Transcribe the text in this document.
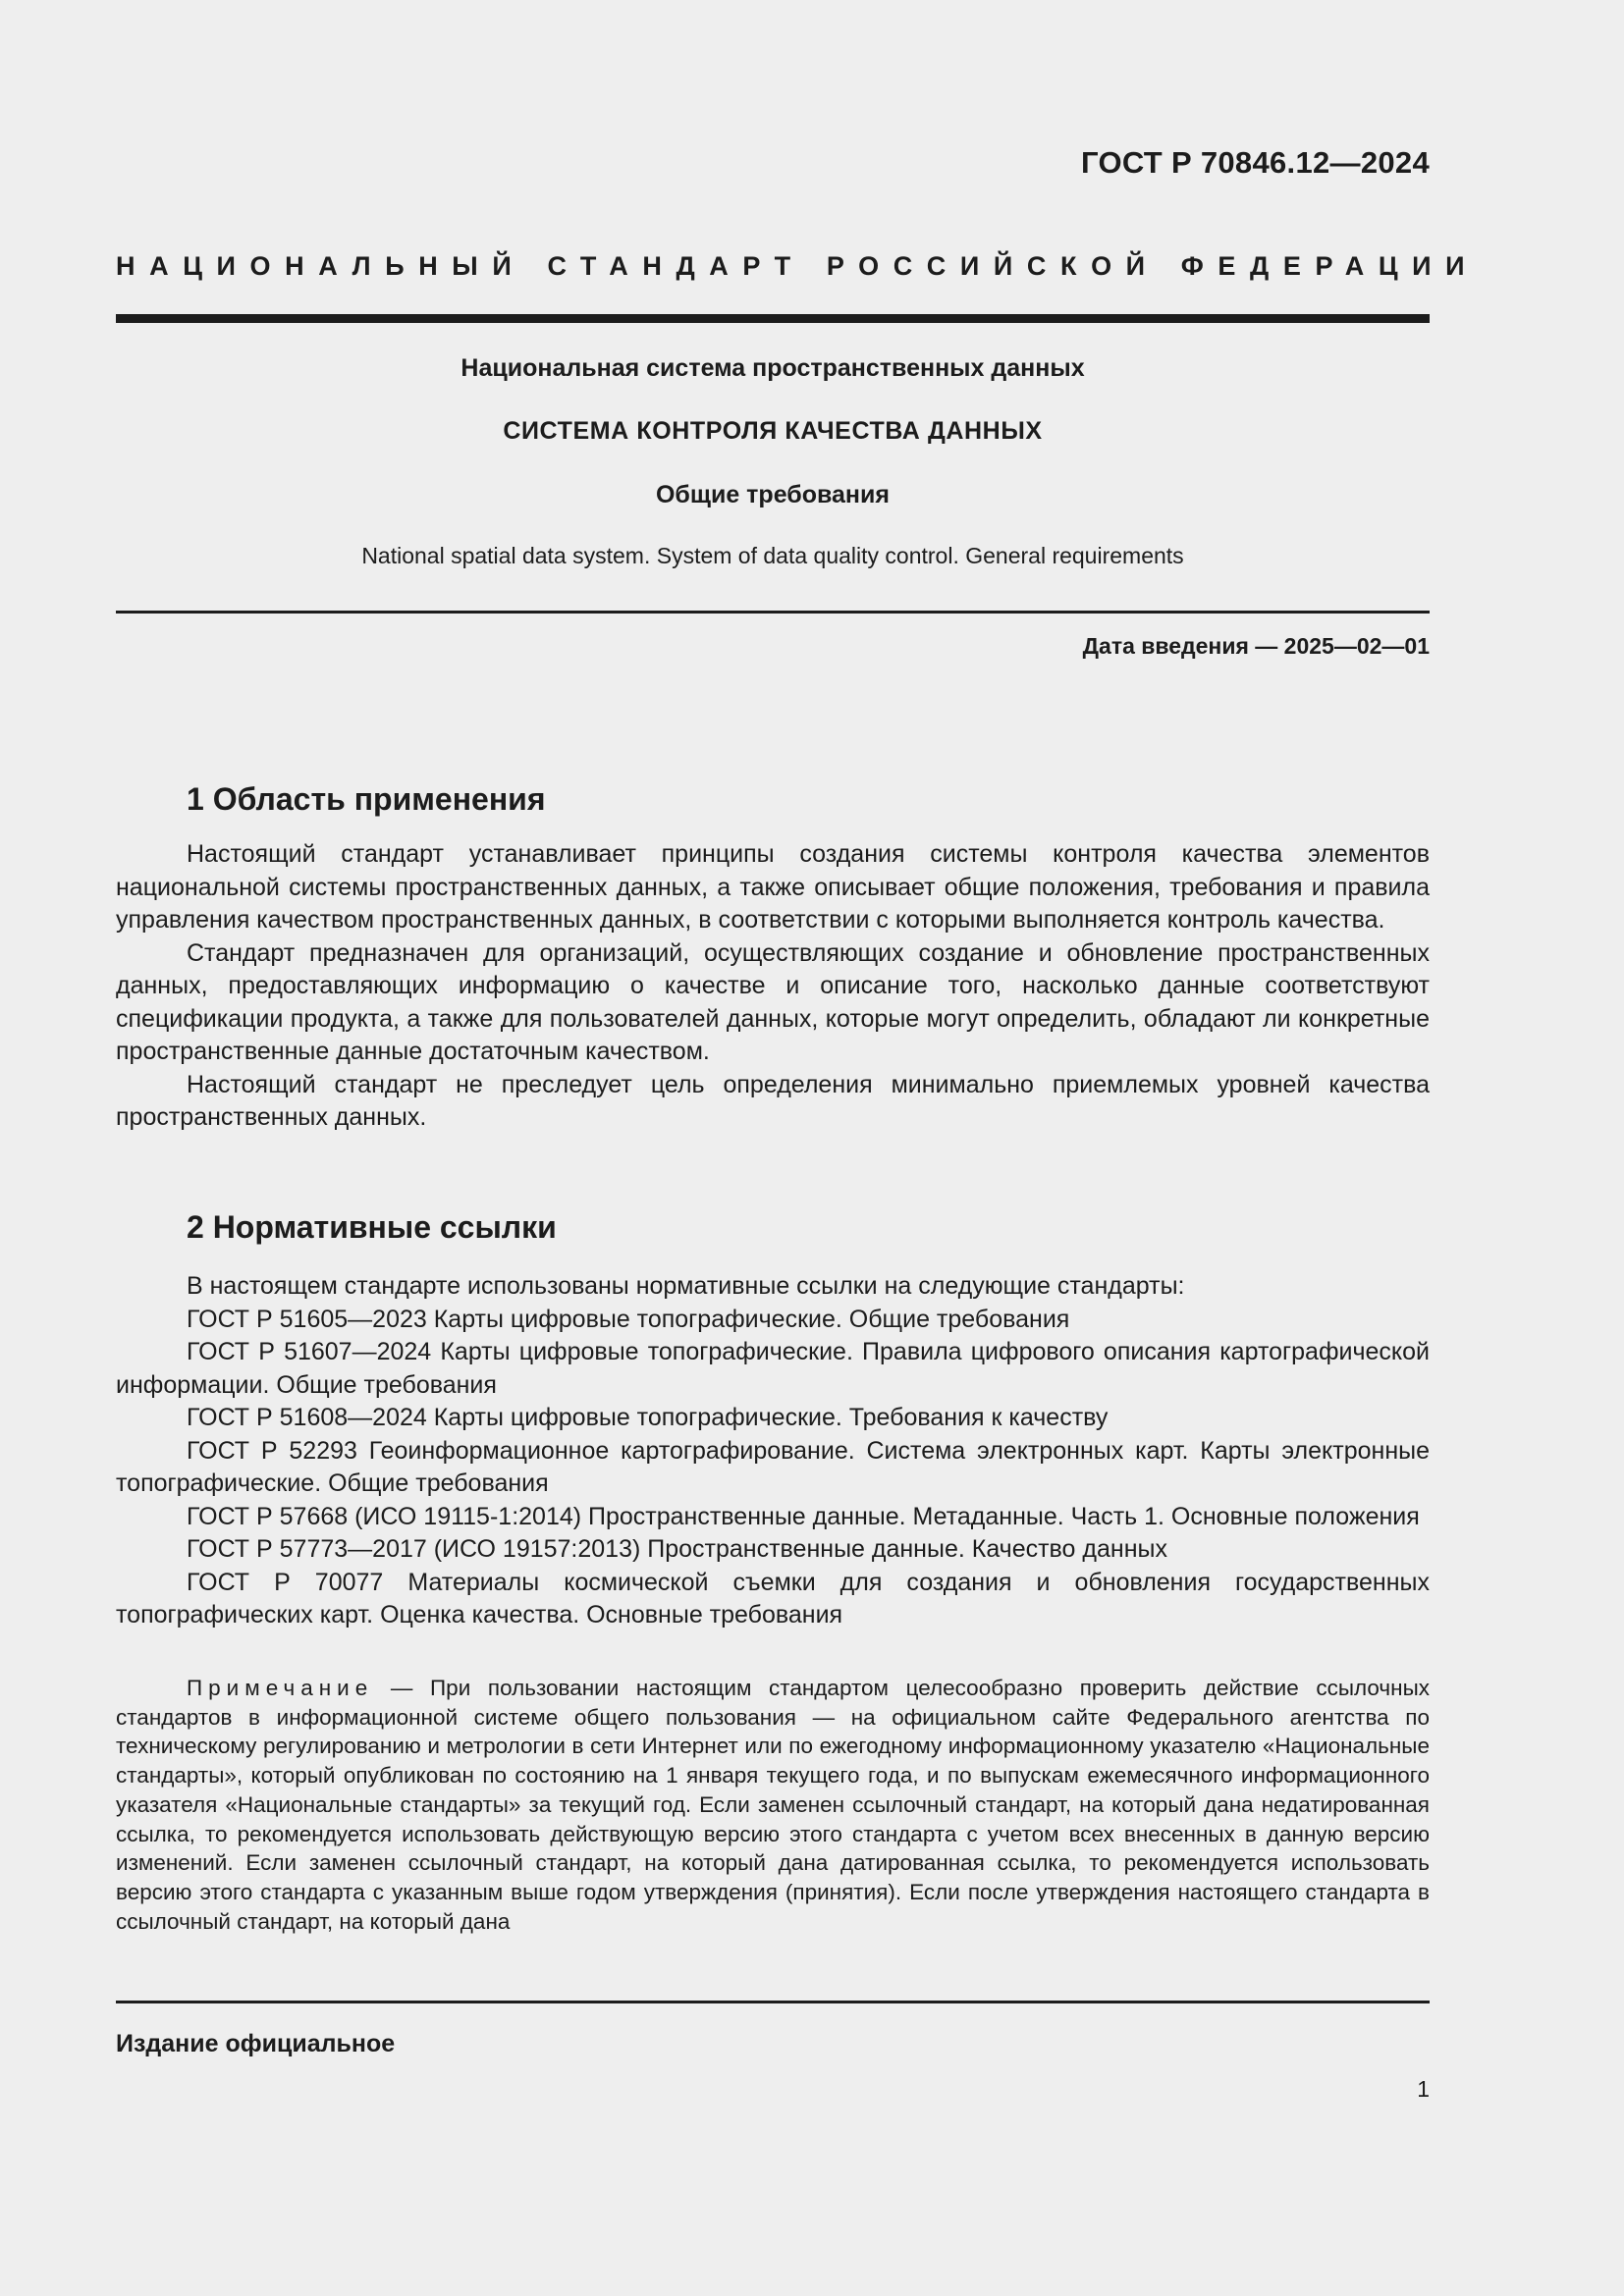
ГОСТ Р 70846.12—2024
НАЦИОНАЛЬНЫЙ СТАНДАРТ РОССИЙСКОЙ ФЕДЕРАЦИИ
Национальная система пространственных данных
СИСТЕМА КОНТРОЛЯ КАЧЕСТВА ДАННЫХ
Общие требования
National spatial data system. System of data quality control. General requirements
Дата введения — 2025—02—01
1 Область применения

Настоящий стандарт устанавливает принципы создания системы контроля качества элементов национальной системы пространственных данных, а также описывает общие положения, требования и правила управления качеством пространственных данных, в соответствии с которыми выполняется контроль качества.

Стандарт предназначен для организаций, осуществляющих создание и обновление пространственных данных, предоставляющих информацию о качестве и описание того, насколько данные соответствуют спецификации продукта, а также для пользователей данных, которые могут определить, обладают ли конкретные пространственные данные достаточным качеством.

Настоящий стандарт не преследует цель определения минимально приемлемых уровней качества пространственных данных.

2 Нормативные ссылки

В настоящем стандарте использованы нормативные ссылки на следующие стандарты:

ГОСТ Р 51605—2023 Карты цифровые топографические. Общие требования

ГОСТ Р 51607—2024 Карты цифровые топографические. Правила цифрового описания картографической информации. Общие требования

ГОСТ Р 51608—2024 Карты цифровые топографические. Требования к качеству

ГОСТ Р 52293 Геоинформационное картографирование. Система электронных карт. Карты электронные топографические. Общие требования

ГОСТ Р 57668 (ИСО 19115-1:2014) Пространственные данные. Метаданные. Часть 1. Основные положения

ГОСТ Р 57773—2017 (ИСО 19157:2013) Пространственные данные. Качество данных

ГОСТ Р 70077 Материалы космической съемки для создания и обновления государственных топографических карт. Оценка качества. Основные требования

Примечание — При пользовании настоящим стандартом целесообразно проверить действие ссылочных стандартов в информационной системе общего пользования — на официальном сайте Федерального агентства по техническому регулированию и метрологии в сети Интернет или по ежегодному информационному указателю «Национальные стандарты», который опубликован по состоянию на 1 января текущего года, и по выпускам ежемесячного информационного указателя «Национальные стандарты» за текущий год. Если заменен ссылочный стандарт, на который дана недатированная ссылка, то рекомендуется использовать действующую версию этого стандарта с учетом всех внесенных в данную версию изменений. Если заменен ссылочный стандарт, на который дана датированная ссылка, то рекомендуется использовать версию этого стандарта с указанным выше годом утверждения (принятия). Если после утверждения настоящего стандарта в ссылочный стандарт, на который дана

Издание официальное
1
